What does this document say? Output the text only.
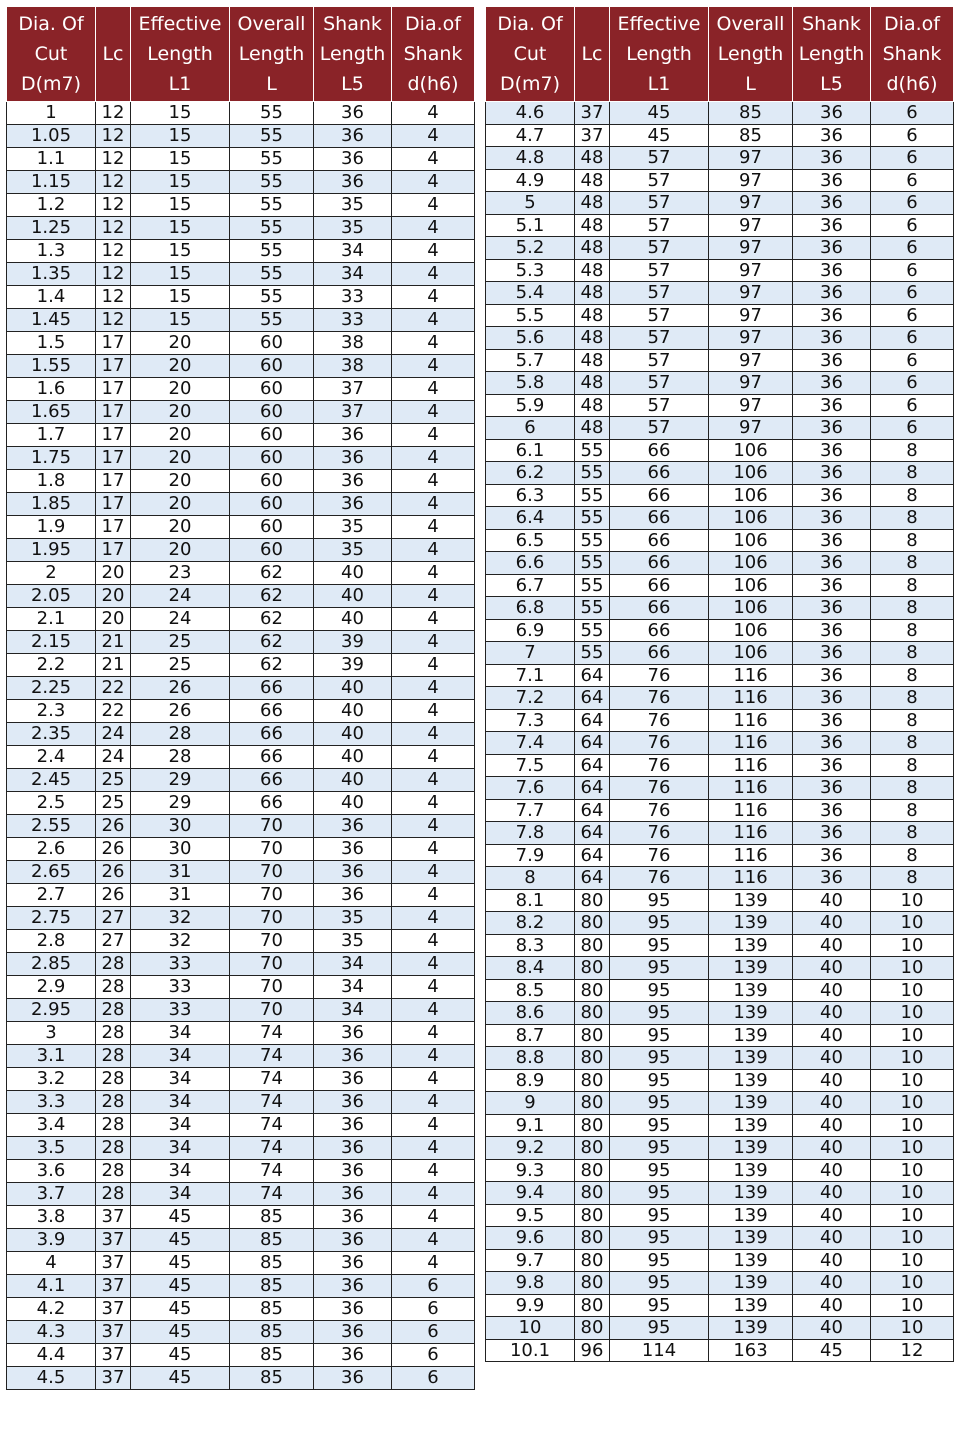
Dia. Of
Cut
D(m7)	Lc	Effective
Length
L1	Overall
Length
L	Shank
Length
L5	Dia.of
Shank
d(h6)
1	12	15	55	36	4
1.05	12	15	55	36	4
1.1	12	15	55	36	4
1.15	12	15	55	36	4
1.2	12	15	55	35	4
1.25	12	15	55	35	4
1.3	12	15	55	34	4
1.35	12	15	55	34	4
1.4	12	15	55	33	4
1.45	12	15	55	33	4
1.5	17	20	60	38	4
1.55	17	20	60	38	4
1.6	17	20	60	37	4
1.65	17	20	60	37	4
1.7	17	20	60	36	4
1.75	17	20	60	36	4
1.8	17	20	60	36	4
1.85	17	20	60	36	4
1.9	17	20	60	35	4
1.95	17	20	60	35	4
2	20	23	62	40	4
2.05	20	24	62	40	4
2.1	20	24	62	40	4
2.15	21	25	62	39	4
2.2	21	25	62	39	4
2.25	22	26	66	40	4
2.3	22	26	66	40	4
2.35	24	28	66	40	4
2.4	24	28	66	40	4
2.45	25	29	66	40	4
2.5	25	29	66	40	4
2.55	26	30	70	36	4
2.6	26	30	70	36	4
2.65	26	31	70	36	4
2.7	26	31	70	36	4
2.75	27	32	70	35	4
2.8	27	32	70	35	4
2.85	28	33	70	34	4
2.9	28	33	70	34	4
2.95	28	33	70	34	4
3	28	34	74	36	4
3.1	28	34	74	36	4
3.2	28	34	74	36	4
3.3	28	34	74	36	4
3.4	28	34	74	36	4
3.5	28	34	74	36	4
3.6	28	34	74	36	4
3.7	28	34	74	36	4
3.8	37	45	85	36	4
3.9	37	45	85	36	4
4	37	45	85	36	4
4.1	37	45	85	36	6
4.2	37	45	85	36	6
4.3	37	45	85	36	6
4.4	37	45	85	36	6
4.5	37	45	85	36	6
Dia. Of
Cut
D(m7)	Lc	Effective
Length
L1	Overall
Length
L	Shank
Length
L5	Dia.of
Shank
d(h6)
4.6	37	45	85	36	6
4.7	37	45	85	36	6
4.8	48	57	97	36	6
4.9	48	57	97	36	6
5	48	57	97	36	6
5.1	48	57	97	36	6
5.2	48	57	97	36	6
5.3	48	57	97	36	6
5.4	48	57	97	36	6
5.5	48	57	97	36	6
5.6	48	57	97	36	6
5.7	48	57	97	36	6
5.8	48	57	97	36	6
5.9	48	57	97	36	6
6	48	57	97	36	6
6.1	55	66	106	36	8
6.2	55	66	106	36	8
6.3	55	66	106	36	8
6.4	55	66	106	36	8
6.5	55	66	106	36	8
6.6	55	66	106	36	8
6.7	55	66	106	36	8
6.8	55	66	106	36	8
6.9	55	66	106	36	8
7	55	66	106	36	8
7.1	64	76	116	36	8
7.2	64	76	116	36	8
7.3	64	76	116	36	8
7.4	64	76	116	36	8
7.5	64	76	116	36	8
7.6	64	76	116	36	8
7.7	64	76	116	36	8
7.8	64	76	116	36	8
7.9	64	76	116	36	8
8	64	76	116	36	8
8.1	80	95	139	40	10
8.2	80	95	139	40	10
8.3	80	95	139	40	10
8.4	80	95	139	40	10
8.5	80	95	139	40	10
8.6	80	95	139	40	10
8.7	80	95	139	40	10
8.8	80	95	139	40	10
8.9	80	95	139	40	10
9	80	95	139	40	10
9.1	80	95	139	40	10
9.2	80	95	139	40	10
9.3	80	95	139	40	10
9.4	80	95	139	40	10
9.5	80	95	139	40	10
9.6	80	95	139	40	10
9.7	80	95	139	40	10
9.8	80	95	139	40	10
9.9	80	95	139	40	10
10	80	95	139	40	10
10.1	96	114	163	45	12
